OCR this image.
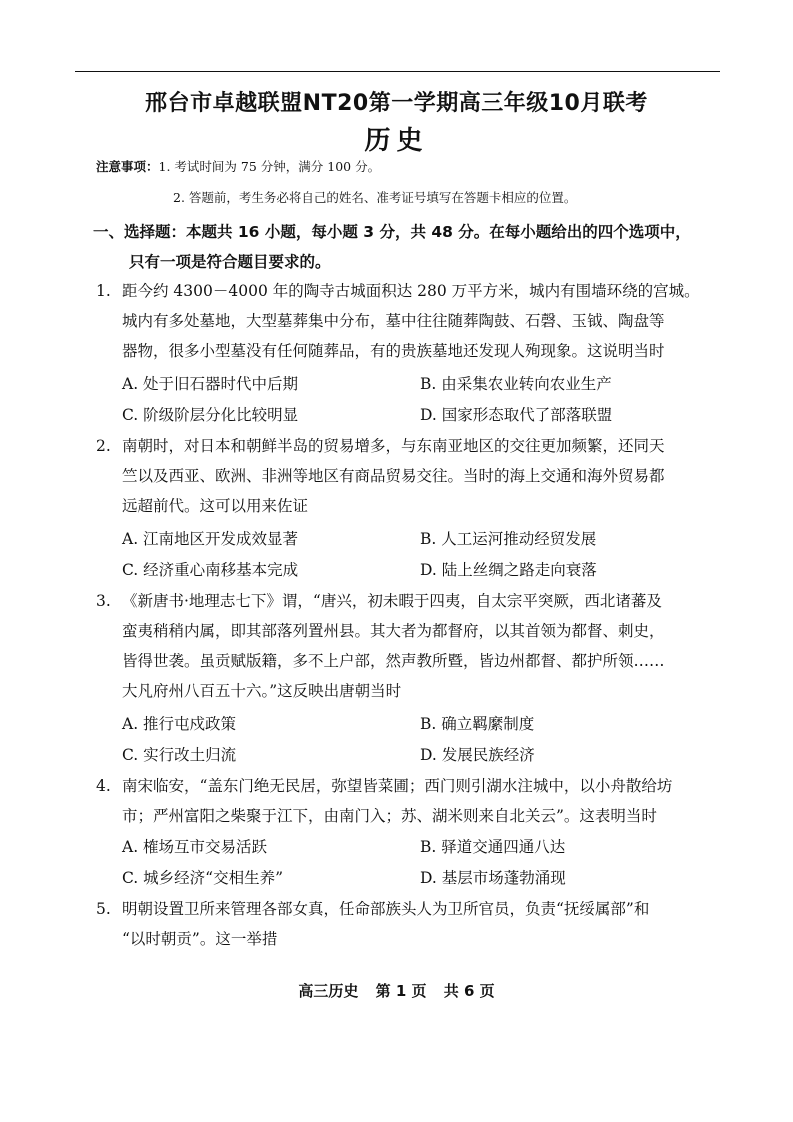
邢台市卓越联盟NT20第一学期高三年级10月联考
历史
注意事项：1. 考试时间为 75 分钟，满分 100 分。
2. 答题前，考生务必将自己的姓名、准考证号填写在答题卡相应的位置。
一、选择题：本题共 16 小题，每小题 3 分，共 48 分。在每小题给出的四个选项中，
只有一项是符合题目要求的。
1. 距今约 4300－4000 年的陶寺古城面积达 280 万平方米，城内有围墙环绕的宫城。
城内有多处墓地，大型墓葬集中分布，墓中往往随葬陶鼓、石磬、玉钺、陶盘等
器物，很多小型墓没有任何随葬品，有的贵族墓地还发现人殉现象。这说明当时
A. 处于旧石器时代中后期	B. 由采集农业转向农业生产
C. 阶级阶层分化比较明显	D. 国家形态取代了部落联盟
2. 南朝时，对日本和朝鲜半岛的贸易增多，与东南亚地区的交往更加频繁，还同天
竺以及西亚、欧洲、非洲等地区有商品贸易交往。当时的海上交通和海外贸易都
远超前代。这可以用来佐证
A. 江南地区开发成效显著	B. 人工运河推动经贸发展
C. 经济重心南移基本完成	D. 陆上丝绸之路走向衰落
3. 《新唐书·地理志七下》谓，“唐兴，初未暇于四夷，自太宗平突厥，西北诸蕃及
蛮夷稍稍内属，即其部落列置州县。其大者为都督府，以其首领为都督、刺史，
皆得世袭。虽贡赋版籍，多不上户部，然声教所暨，皆边州都督、都护所领……
大凡府州八百五十六。”这反映出唐朝当时
A. 推行屯戍政策	B. 确立羁縻制度
C. 实行改土归流	D. 发展民族经济
4. 南宋临安，“盖东门绝无民居，弥望皆菜圃；西门则引湖水注城中，以小舟散给坊
市；严州富阳之柴聚于江下，由南门入；苏、湖米则来自北关云”。这表明当时
A. 榷场互市交易活跃	B. 驿道交通四通八达
C. 城乡经济“交相生养”	D. 基层市场蓬勃涌现
5. 明朝设置卫所来管理各部女真，任命部族头人为卫所官员，负责“抚绥属部”和
“以时朝贡”。这一举措
高三历史 第 1 页 共 6 页
